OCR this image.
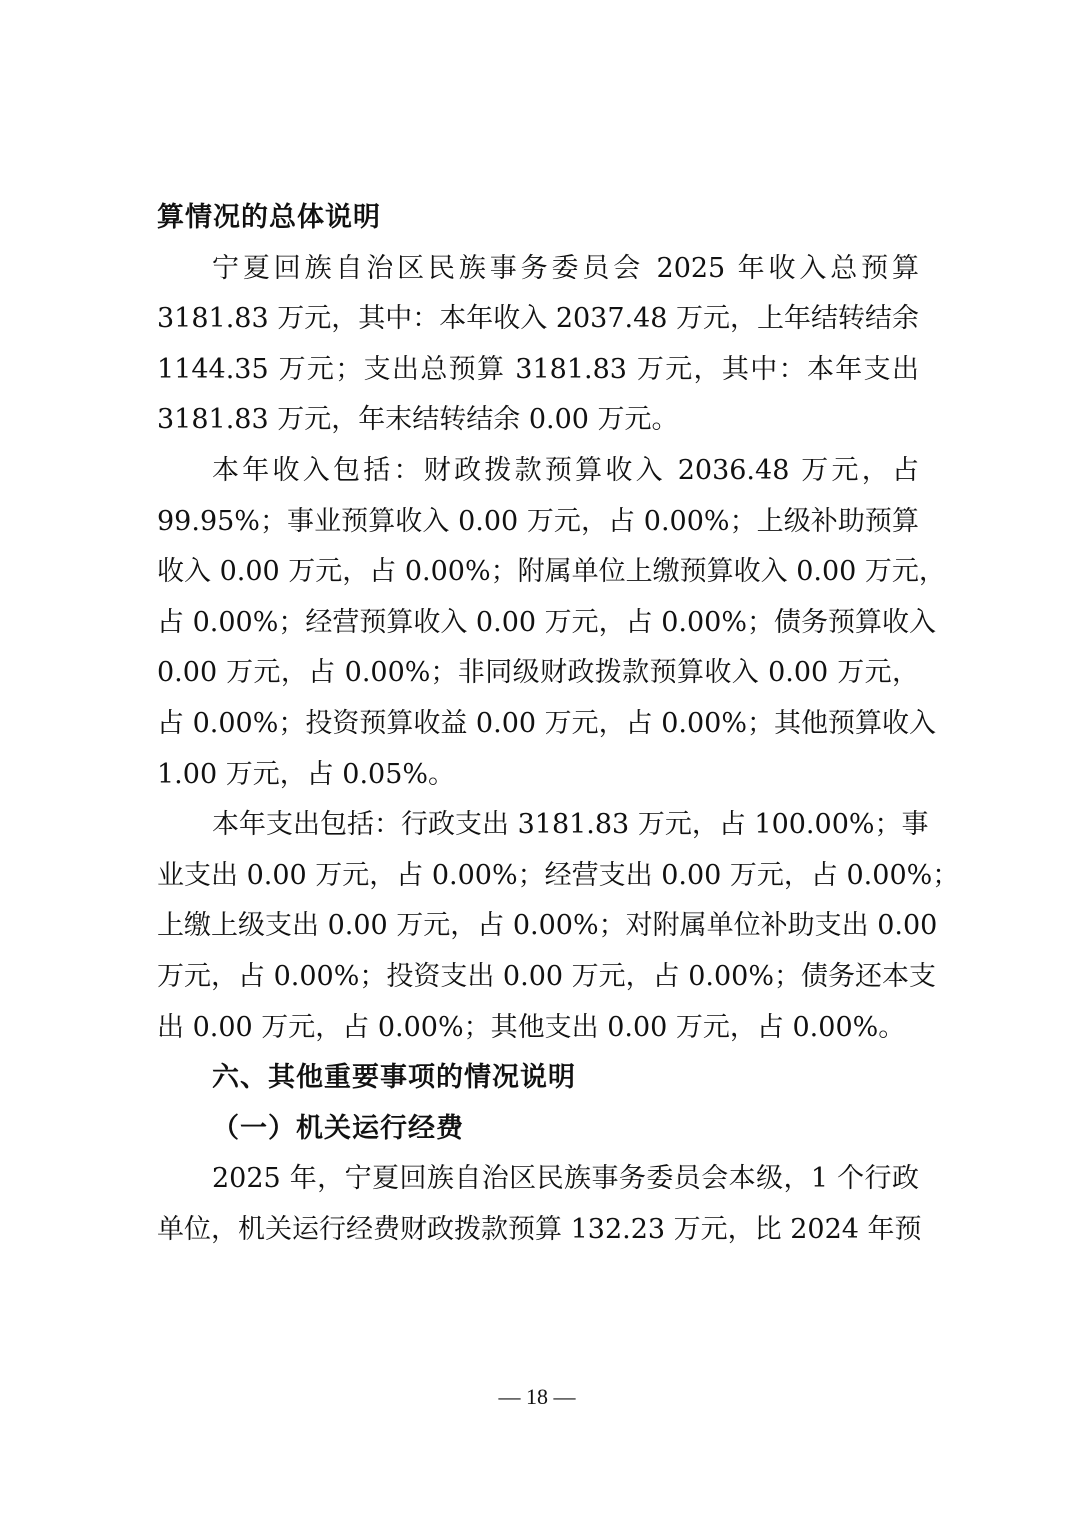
算情况的总体说明
宁夏回族自治区民族事务委员会 2025 年收入总预算
3181.83 万元，其中：本年收入 2037.48 万元，上年结转结余
1144.35 万元；支出总预算 3181.83 万元，其中：本年支出
3181.83 万元，年末结转结余 0.00 万元。
本年收入包括：财政拨款预算收入 2036.48 万元，占
99.95%；事业预算收入 0.00 万元，占 0.00%；上级补助预算
收入 0.00 万元，占 0.00%；附属单位上缴预算收入 0.00 万元，
占 0.00%；经营预算收入 0.00 万元，占 0.00%；债务预算收入
0.00 万元，占 0.00%；非同级财政拨款预算收入 0.00 万元，
占 0.00%；投资预算收益 0.00 万元，占 0.00%；其他预算收入
1.00 万元，占 0.05%。
本年支出包括：行政支出 3181.83 万元，占 100.00%；事
业支出 0.00 万元，占 0.00%；经营支出 0.00 万元，占 0.00%；
上缴上级支出 0.00 万元，占 0.00%；对附属单位补助支出 0.00
万元，占 0.00%；投资支出 0.00 万元，占 0.00%；债务还本支
出 0.00 万元，占 0.00%；其他支出 0.00 万元，占 0.00%。
六、其他重要事项的情况说明
（一）机关运行经费
2025 年，宁夏回族自治区民族事务委员会本级，1 个行政
单位，机关运行经费财政拨款预算 132.23 万元，比 2024 年预
— 18 —
